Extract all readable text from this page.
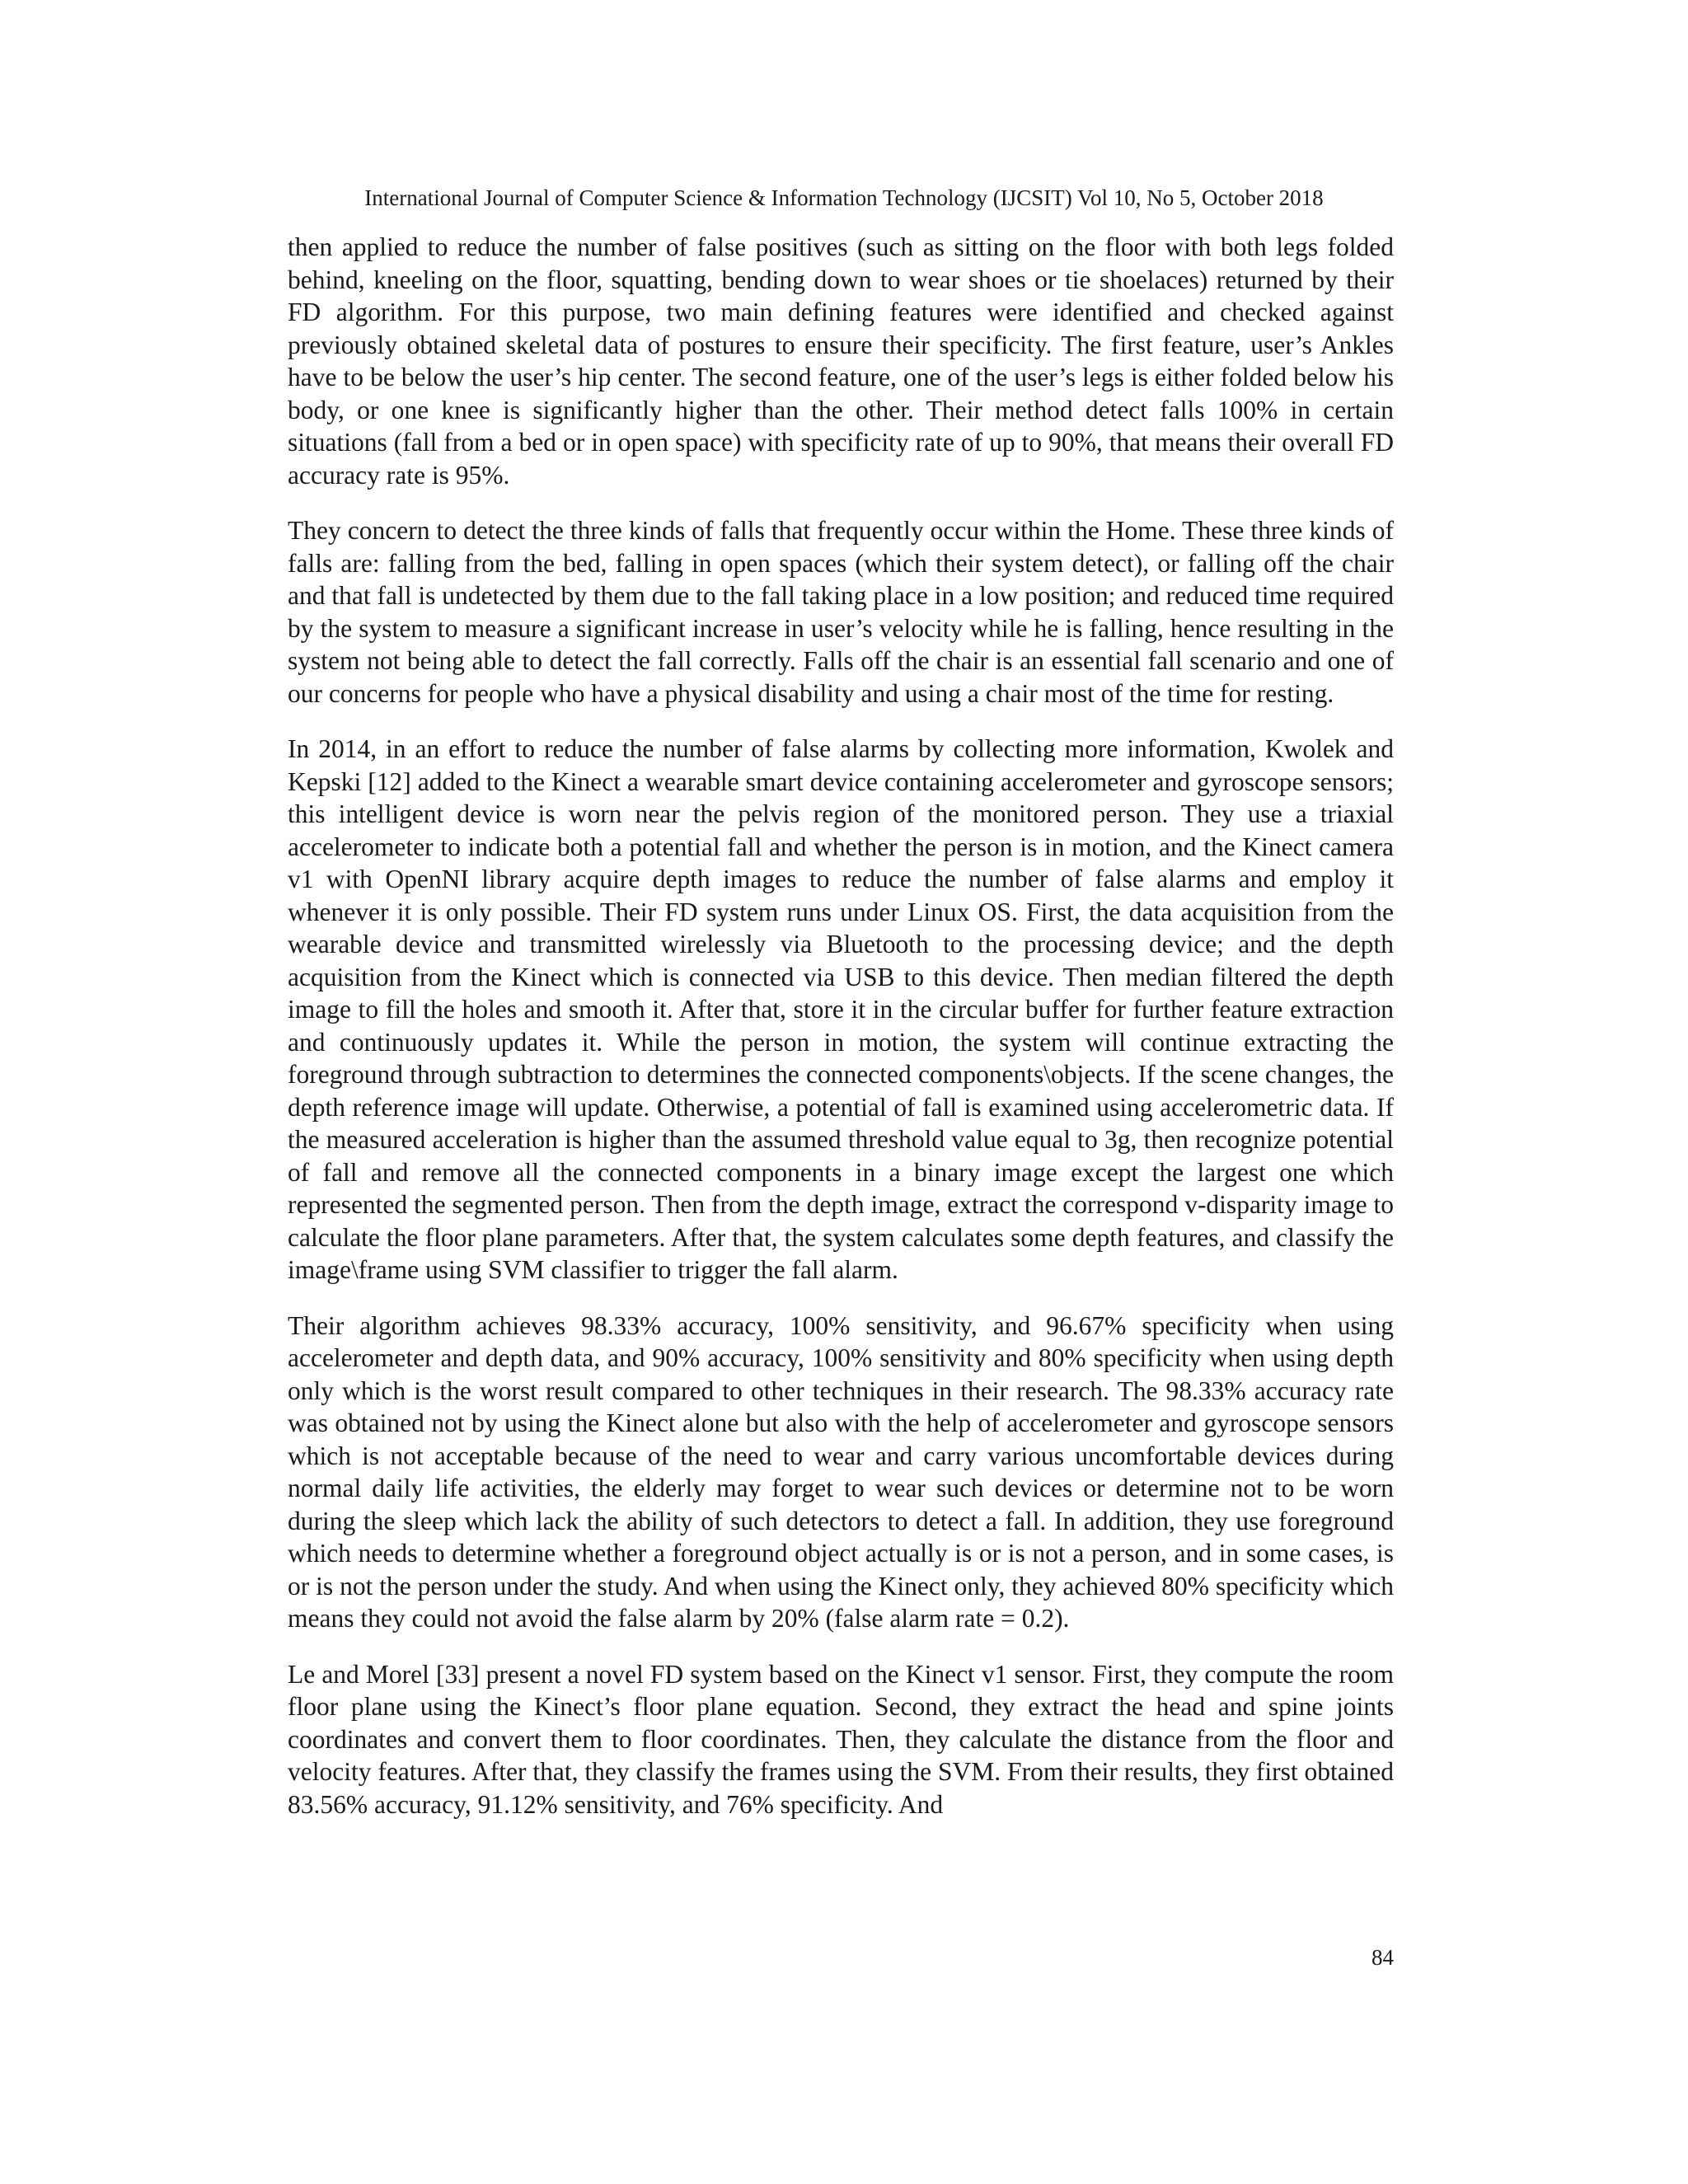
International Journal of Computer Science & Information Technology (IJCSIT) Vol 10, No 5, October 2018

then applied to reduce the number of false positives (such as sitting on the floor with both legs folded behind, kneeling on the floor, squatting, bending down to wear shoes or tie shoelaces) returned by their FD algorithm. For this purpose, two main defining features were identified and checked against previously obtained skeletal data of postures to ensure their specificity. The first feature, user’s Ankles have to be below the user’s hip center. The second feature, one of the user’s legs is either folded below his body, or one knee is significantly higher than the other. Their method detect falls 100% in certain situations (fall from a bed or in open space) with specificity rate of up to 90%, that means their overall FD accuracy rate is 95%.

They concern to detect the three kinds of falls that frequently occur within the Home. These three kinds of falls are: falling from the bed, falling in open spaces (which their system detect), or falling off the chair and that fall is undetected by them due to the fall taking place in a low position; and reduced time required by the system to measure a significant increase in user’s velocity while he is falling, hence resulting in the system not being able to detect the fall correctly. Falls off the chair is an essential fall scenario and one of our concerns for people who have a physical disability and using a chair most of the time for resting.

In 2014, in an effort to reduce the number of false alarms by collecting more information, Kwolek and Kepski [12] added to the Kinect a wearable smart device containing accelerometer and gyroscope sensors; this intelligent device is worn near the pelvis region of the monitored person. They use a triaxial accelerometer to indicate both a potential fall and whether the person is in motion, and the Kinect camera v1 with OpenNI library acquire depth images to reduce the number of false alarms and employ it whenever it is only possible. Their FD system runs under Linux OS. First, the data acquisition from the wearable device and transmitted wirelessly via Bluetooth to the processing device; and the depth acquisition from the Kinect which is connected via USB to this device. Then median filtered the depth image to fill the holes and smooth it. After that, store it in the circular buffer for further feature extraction and continuously updates it. While the person in motion, the system will continue extracting the foreground through subtraction to determines the connected components\objects. If the scene changes, the depth reference image will update. Otherwise, a potential of fall is examined using accelerometric data. If the measured acceleration is higher than the assumed threshold value equal to 3g, then recognize potential of fall and remove all the connected components in a binary image except the largest one which represented the segmented person. Then from the depth image, extract the correspond v-disparity image to calculate the floor plane parameters. After that, the system calculates some depth features, and classify the image\frame using SVM classifier to trigger the fall alarm.

Their algorithm achieves 98.33% accuracy, 100% sensitivity, and 96.67% specificity when using accelerometer and depth data, and 90% accuracy, 100% sensitivity and 80% specificity when using depth only which is the worst result compared to other techniques in their research. The 98.33% accuracy rate was obtained not by using the Kinect alone but also with the help of accelerometer and gyroscope sensors which is not acceptable because of the need to wear and carry various uncomfortable devices during normal daily life activities, the elderly may forget to wear such devices or determine not to be worn during the sleep which lack the ability of such detectors to detect a fall. In addition, they use foreground which needs to determine whether a foreground object actually is or is not a person, and in some cases, is or is not the person under the study. And when using the Kinect only, they achieved 80% specificity which means they could not avoid the false alarm by 20% (false alarm rate = 0.2).

Le and Morel [33] present a novel FD system based on the Kinect v1 sensor. First, they compute the room floor plane using the Kinect’s floor plane equation. Second, they extract the head and spine joints coordinates and convert them to floor coordinates. Then, they calculate the distance from the floor and velocity features. After that, they classify the frames using the SVM. From their results, they first obtained 83.56% accuracy, 91.12% sensitivity, and 76% specificity. And

84
